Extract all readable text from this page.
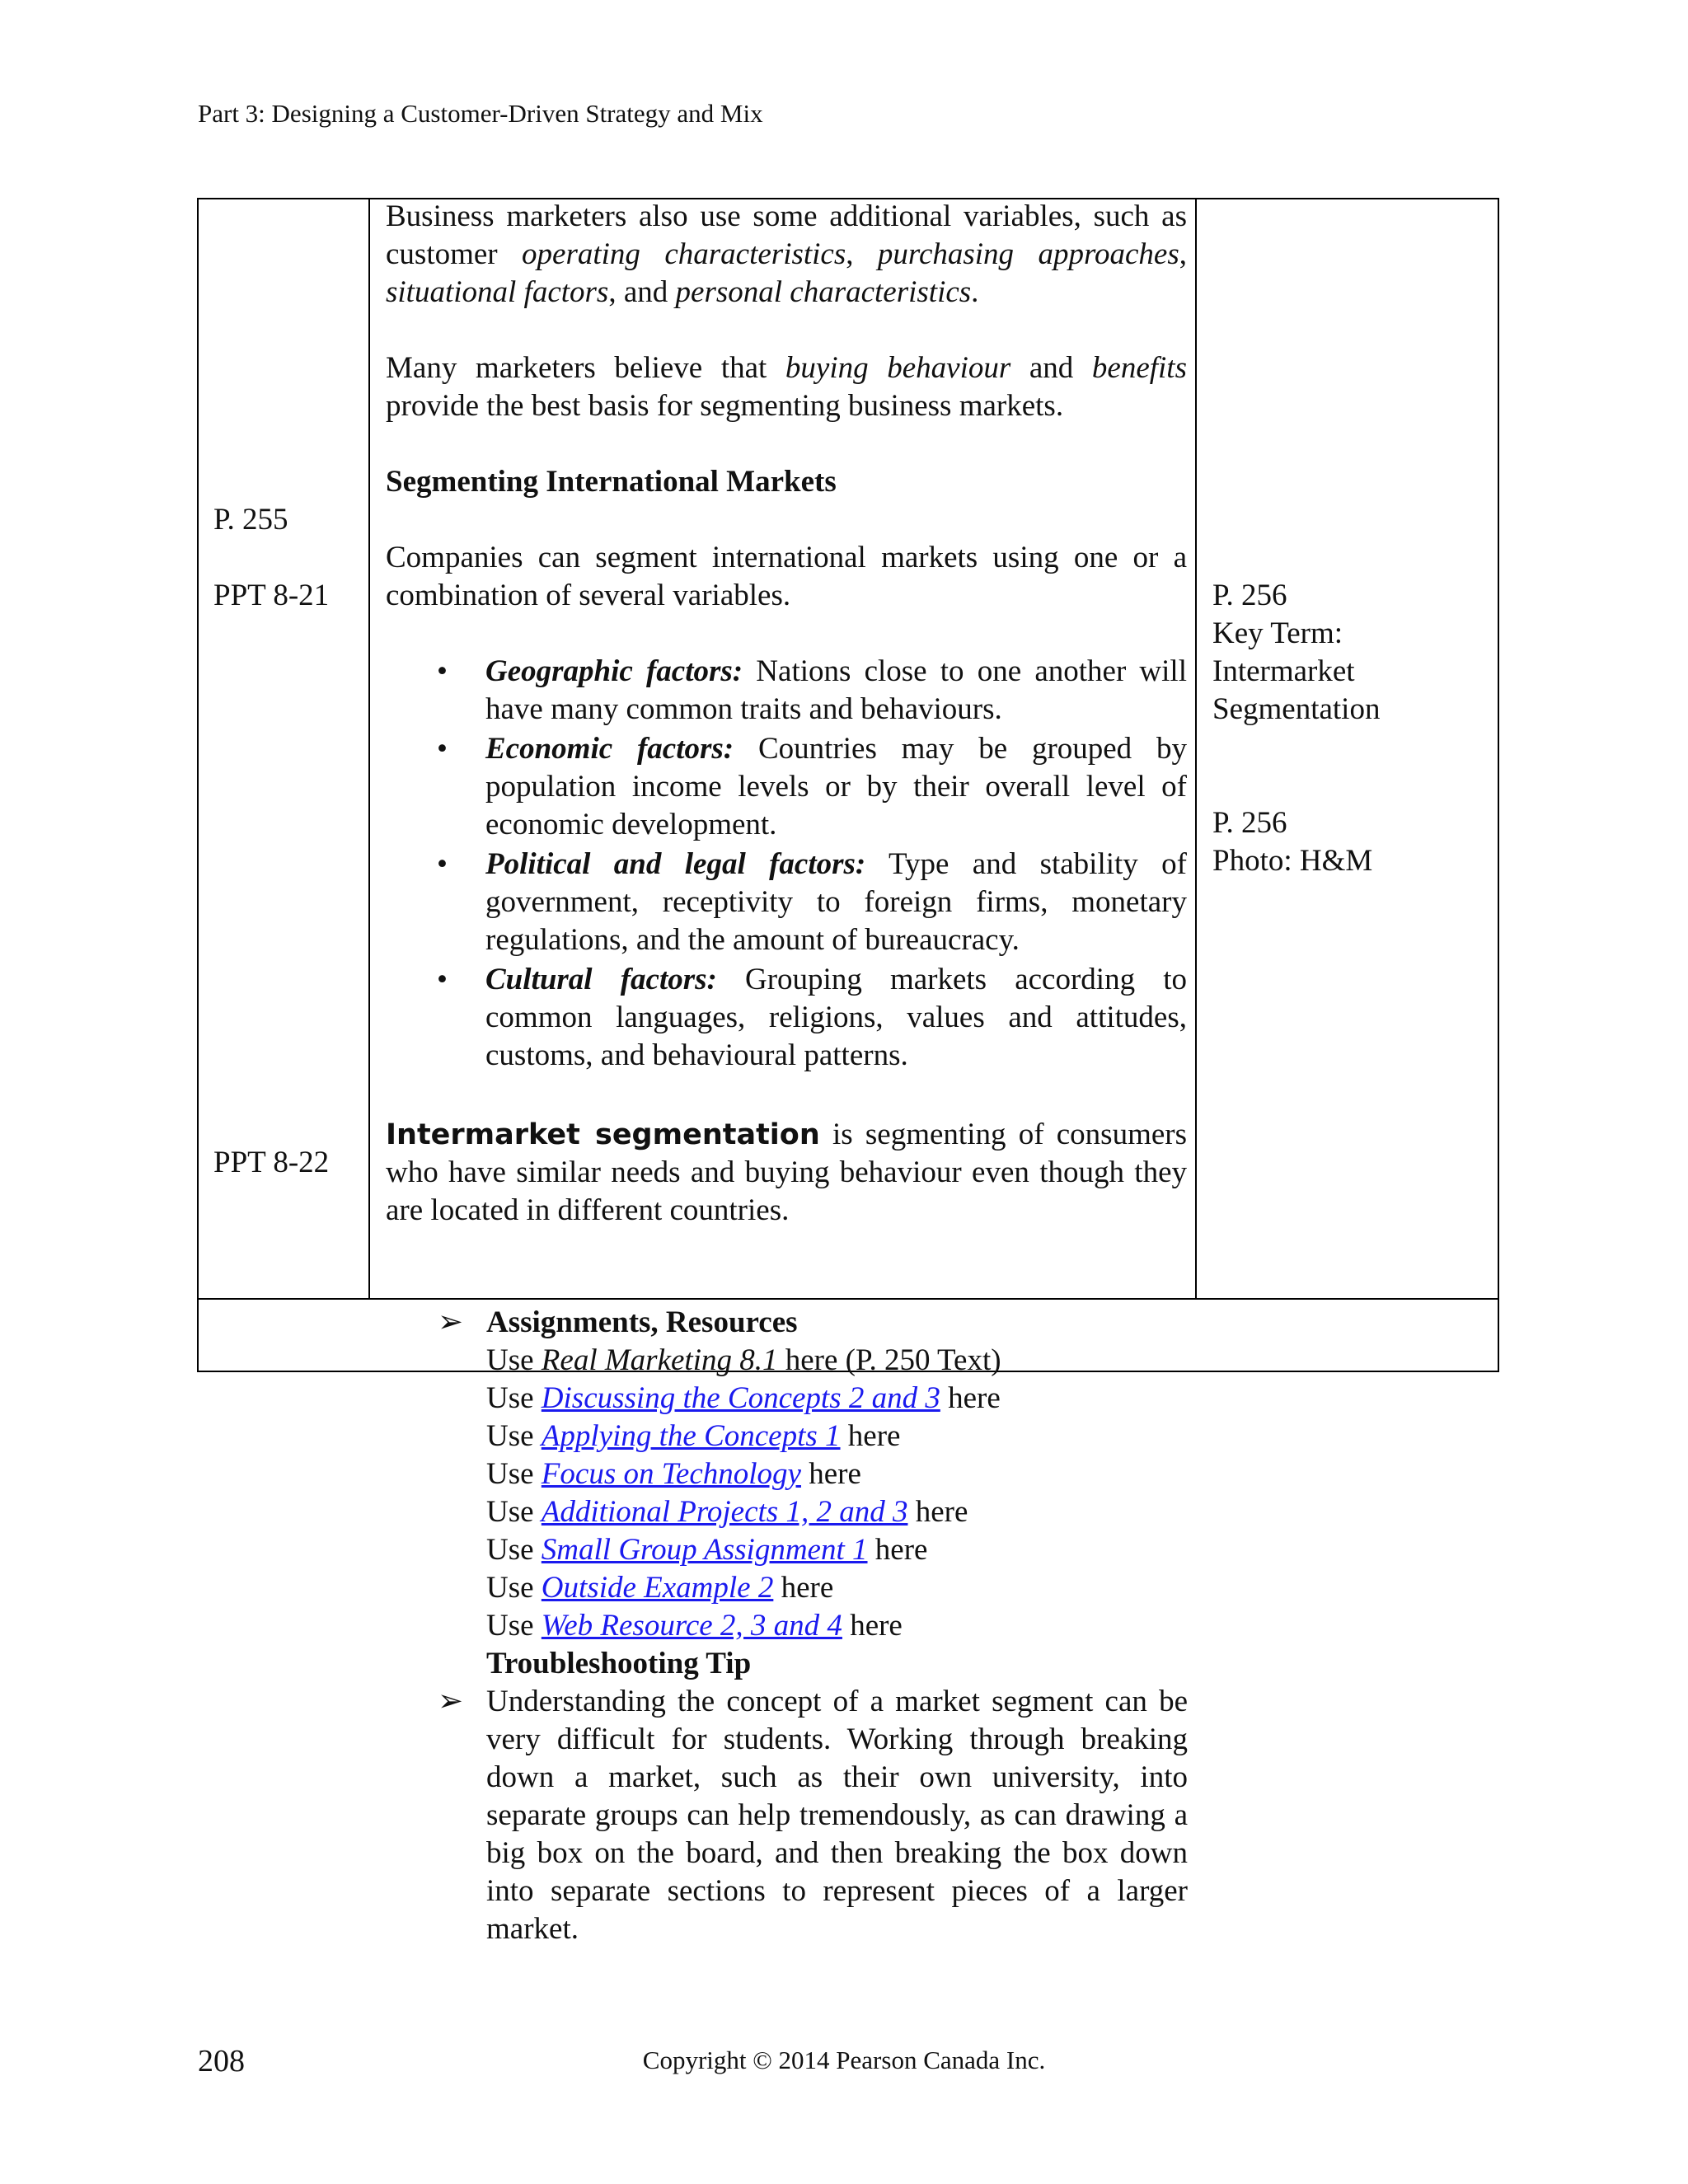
Part 3: Designing a Customer-Driven Strategy and Mix
P. 255
PPT 8-21
PPT 8-22

Business marketers also use some additional variables, such as customer operating characteristics, purchasing approaches, situational factors, and personal characteristics.

Many marketers believe that buying behaviour and benefits provide the best basis for segmenting business markets.

Segmenting International Markets

Companies can segment international markets using one or a combination of several variables.

• Geographic factors: Nations close to one another will have many common traits and behaviours.
• Economic factors: Countries may be grouped by population income levels or by their overall level of economic development.
• Political and legal factors: Type and stability of government, receptivity to foreign firms, monetary regulations, and the amount of bureaucracy.
• Cultural factors: Grouping markets according to common languages, religions, values and attitudes, customs, and behavioural patterns.

Intermarket segmentation is segmenting of consumers who have similar needs and buying behaviour even though they are located in different countries.

P. 256
Key Term:
Intermarket
Segmentation
P. 256
Photo: H&M
➢ Assignments, Resources
Use Real Marketing 8.1 here (P. 250 Text)
Use Discussing the Concepts 2 and 3 here
Use Applying the Concepts 1 here
Use Focus on Technology here
Use Additional Projects 1, 2 and 3 here
Use Small Group Assignment 1 here
Use Outside Example 2 here
Use Web Resource 2, 3 and 4 here
Troubleshooting Tip
➢ Understanding the concept of a market segment can be very difficult for students. Working through breaking down a market, such as their own university, into separate groups can help tremendously, as can drawing a big box on the board, and then breaking the box down into separate sections to represent pieces of a larger market.
208	Copyright © 2014 Pearson Canada Inc.
